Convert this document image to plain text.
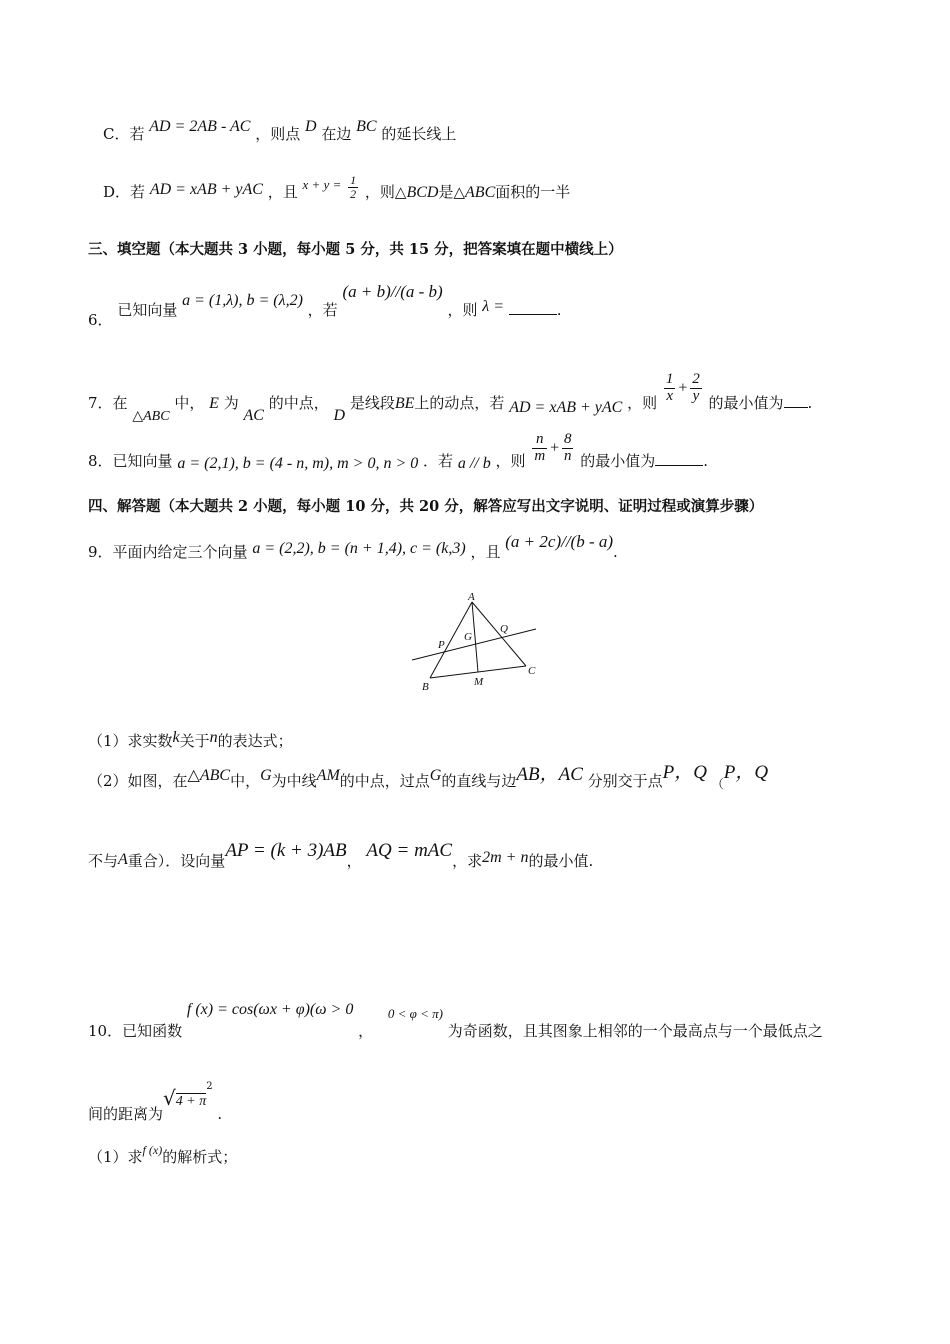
C．若 AD = 2AB - AC ，则点 D 在边 BC 的延长线上
D．若 AD = xAB + yAC ，且 $x + y = \frac{1}{2}$ ，则△BCD是△ABC面积的一半
三、填空题（本大题共 3 小题，每小题 5 分，共 15 分，把答案填在题中横线上）
6． 已知向量 a = (1,λ), b = (λ,2) ，若 (a + b)//(a - b) ，则 λ =	.
7．在 △ABC 中， E 为 AC 的中点， D 是线段BE上的动点，若 AD = xAB + yAC ，则 $\frac{1}{x} + \frac{2}{y}$ 的最小值为 .
8．已知向量 a = (2,1), b = (4 - n, m), m > 0, n > 0 ．若 a // b ，则 $\frac{n}{m} + \frac{8}{n}$ 的最小值为	.
四、解答题（本大题共 2 小题，每小题 10 分，共 20 分，解答应写出文字说明、证明过程或演算步骤）
9．平面内给定三个向量 a = (2,2), b = (n + 1,4), c = (k,3) ，且 (a + 2c)//(b - a).
A
B
C
M
G
P
Q
（1）求实数k关于n的表达式；
（2）如图，在△ABC中，G为中线AM的中点，过点G的直线与边AB，AC 分别交于点P，Q $_($P，Q
不与A重合）．设向量AP = (k + 3)AB， AQ = mAC，求2m + n的最小值.
10．已知函数 f (x) = cos(ωx + φ)(ω > 0 ， 0 < φ < π) 为奇函数，且其图象上相邻的一个最高点与一个最低点之
间的距离为$√4 + \pi^2$ .
（1）求f (x)的解析式；
